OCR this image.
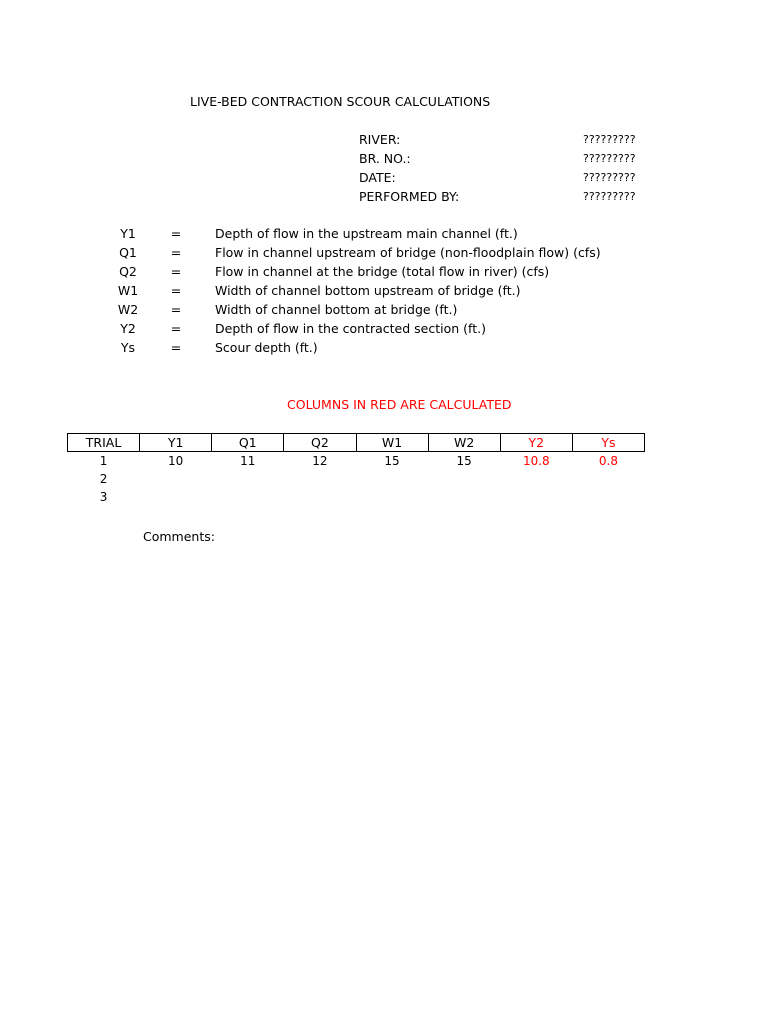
LIVE-BED CONTRACTION SCOUR CALCULATIONS
RIVER:	?????????
BR. NO.:	?????????
DATE:	?????????
PERFORMED BY:	?????????
Y1	=	Depth of flow in the upstream main channel (ft.)
Q1	=	Flow in channel upstream of bridge (non-floodplain flow) (cfs)
Q2	=	Flow in channel at the bridge (total flow in river) (cfs)
W1	=	Width of channel bottom upstream of bridge (ft.)
W2	=	Width of channel bottom at bridge (ft.)
Y2	=	Depth of flow in the contracted section (ft.)
Ys	=	Scour depth (ft.)
COLUMNS IN RED ARE CALCULATED
TRIAL	Y1	Q1	Q2	W1	W2	Y2	Ys
1	10	11	12	15	15	10.8	0.8
2							
3							
Comments:
